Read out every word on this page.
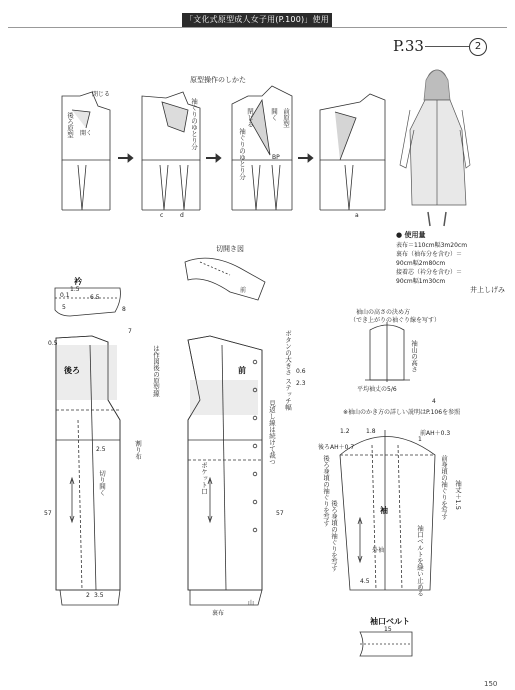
「文化式原型成人女子用(P.100)」使用
P.33	2
原型操作のしかた
切開き図
衿
袖山の高さの決め方
（でき上がりの袖ぐり線を写す）
袖口ベルト
● 使用量
表布＝110cm幅3m20cm
裏布（袖布分を含む）＝
90cm幅2m80cm
接着芯（衿分を含む）＝
90cm幅1m30cm
井上しげみ
閉じる
開く
後ろ原型	袖ぐりのゆとり分	前原型
BP
袖ぐりのゆとり分
閉じる 開く
c	d	a
後ろ	前
前
袖
見返し線は続けて裁つ
ボタンの大きさ ステッチ幅
は作図後の原型線
後ろ身頃の袖ぐりを写す	前身頃の袖ぐりを写す
袖口ベルトを縫い止める
※袖山のかき方の詳しい説明はP.106を参照
後ろAH＋0.7
前AH＋0.3
平均袖丈の5/6
袖山の高さ
裏布
ポケット口
切り開く
割り布
外袖
袖丈＋1.5
後ろ身頃の袖ぐりを写す
山
57	57
2 3.5
2.5
1.5
4
1.8
4.5
0.5
8
6.5
0.1
5
0.6
2.3
1.2
1
7
15
150
